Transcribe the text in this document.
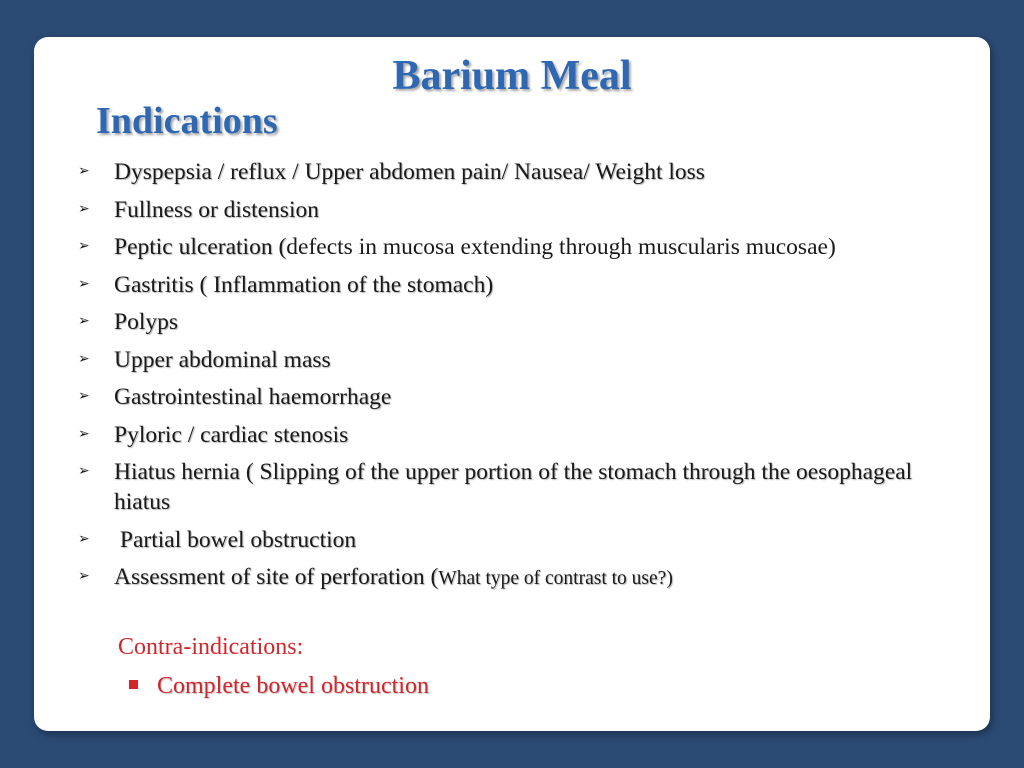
Barium Meal
Indications
➢ Dyspepsia / reflux / Upper abdomen pain/ Nausea/ Weight loss
➢ Fullness or distension
➢ Peptic ulceration (defects in mucosa extending through muscularis mucosae)
➢ Gastritis ( Inflammation of the stomach)
➢ Polyps
➢ Upper abdominal mass
➢ Gastrointestinal haemorrhage
➢ Pyloric / cardiac stenosis
➢ Hiatus hernia ( Slipping of the upper portion of the stomach through the oesophageal hiatus
➢ Partial bowel obstruction
➢ Assessment of site of perforation (What type of contrast to use?)
Contra-indications:
Complete bowel obstruction
